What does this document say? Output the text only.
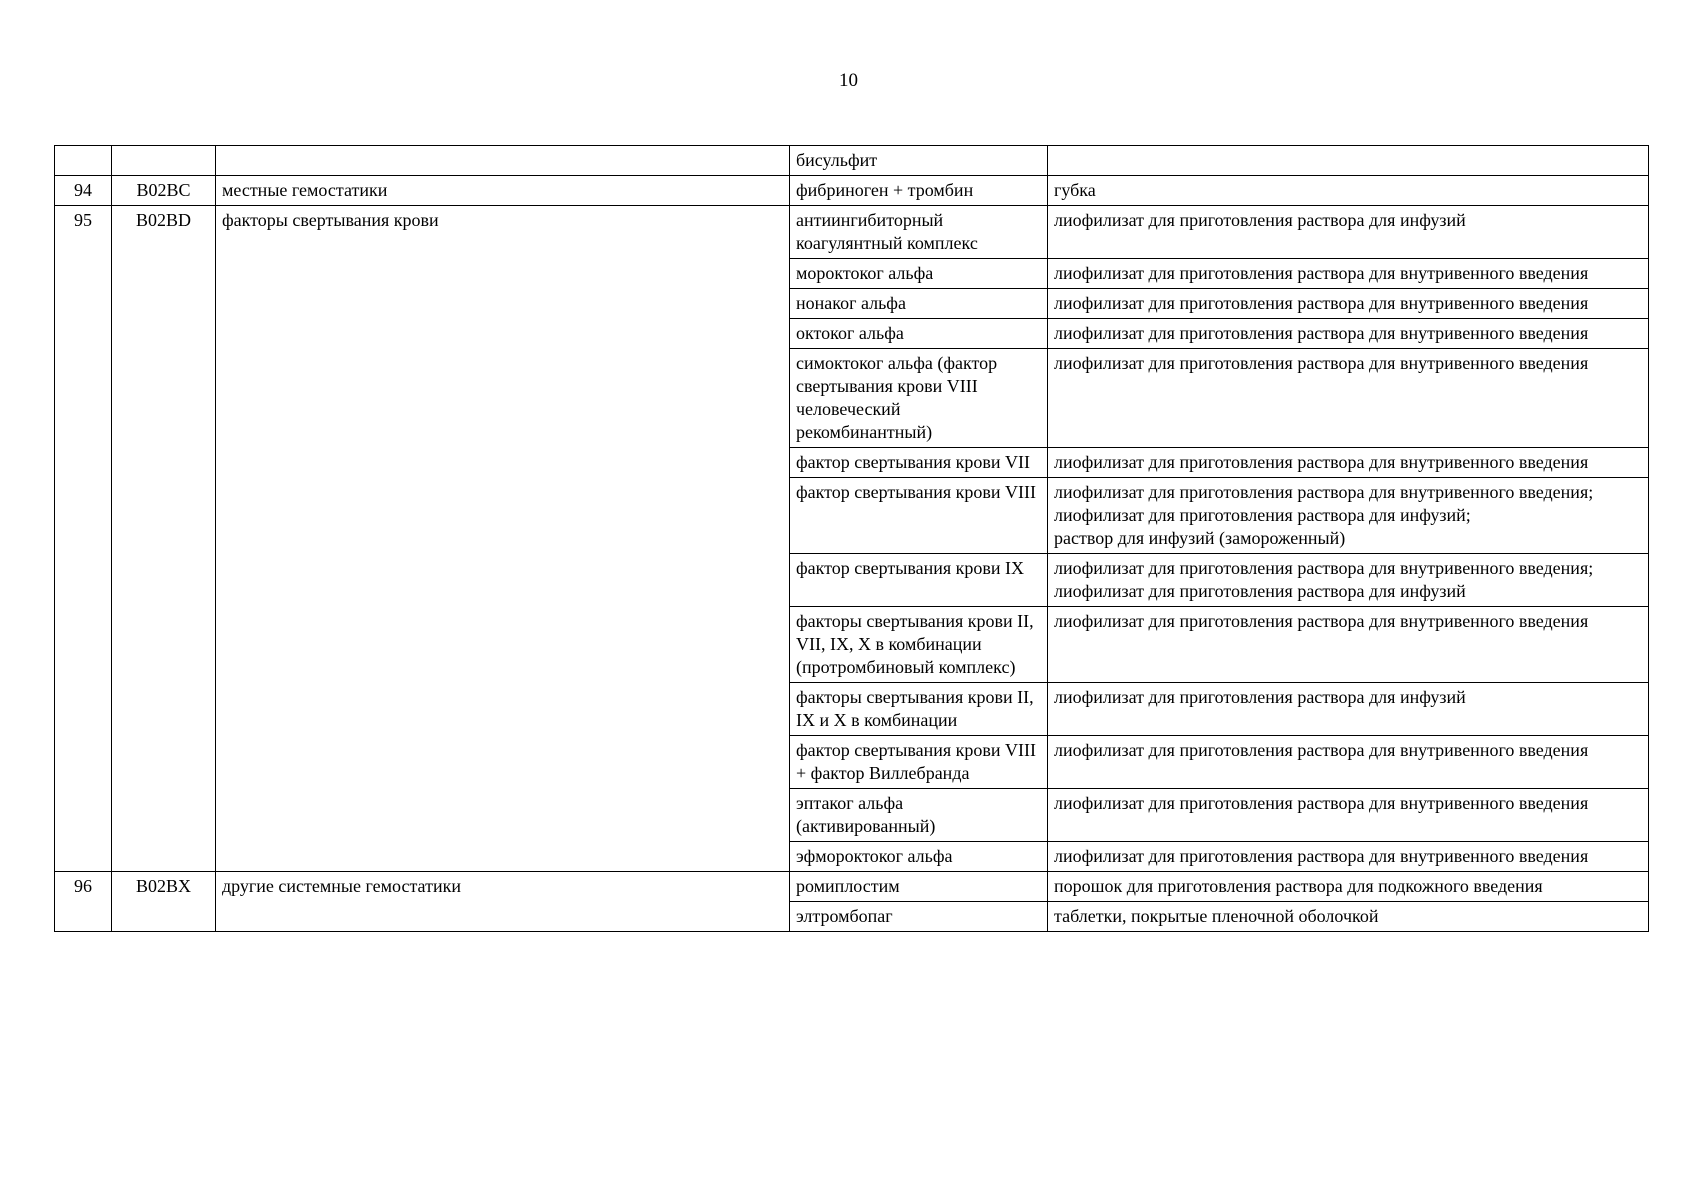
10
			бисульфит	
94	B02BC	местные гемостатики	фибриноген + тромбин	губка

95	B02BD	факторы свертывания крови	антиингибиторный коагулянтный комплекс	лиофилизат для приготовления раствора для инфузий

			мороктоког альфа	лиофилизат для приготовления раствора для внутривенного введения

			нонаког альфа	лиофилизат для приготовления раствора для внутривенного введения

			октоког альфа	лиофилизат для приготовления раствора для внутривенного введения

			симоктоког альфа (фактор свертывания крови VIII человеческий рекомбинантный)	лиофилизат для приготовления раствора для внутривенного введения

			фактор свертывания крови VII	лиофилизат для приготовления раствора для внутривенного введения

			фактор свертывания крови VIII	лиофилизат для приготовления раствора для внутривенного введения;
лиофилизат для приготовления раствора для инфузий;
раствор для инфузий (замороженный)

			фактор свертывания крови IX	лиофилизат для приготовления раствора для внутривенного введения;
лиофилизат для приготовления раствора для инфузий

			факторы свертывания крови II, VII, IX, X в комбинации (протромбиновый комплекс)	лиофилизат для приготовления раствора для внутривенного введения

			факторы свертывания крови II, IX и X в комбинации	лиофилизат для приготовления раствора для инфузий

			фактор свертывания крови VIII + фактор Виллебранда	лиофилизат для приготовления раствора для внутривенного введения

			эптаког альфа (активированный)	лиофилизат для приготовления раствора для внутривенного введения

			эфмороктоког альфа	лиофилизат для приготовления раствора для внутривенного введения

96	B02BX	другие системные гемостатики	ромиплостим	порошок для приготовления раствора для подкожного введения

			элтромбопаг	таблетки, покрытые пленочной оболочкой
